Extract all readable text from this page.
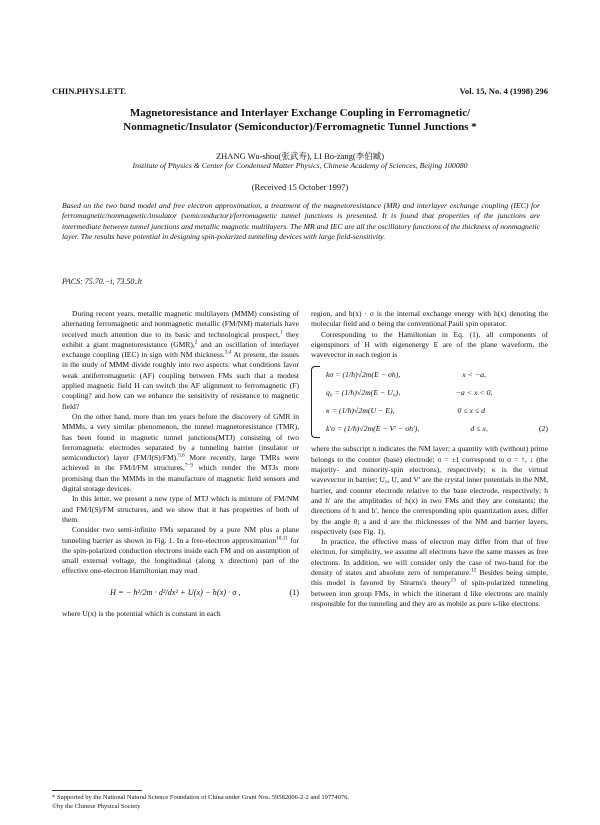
CHIN.PHYS.LETT.	Vol. 15, No. 4 (1998) 296
Magnetoresistance and Interlayer Exchange Coupling in Ferromagnetic/
Nonmagnetic/Insulator (Semiconductor)/Ferromagnetic Tunnel Junctions *
ZHANG Wu-shou(张武寿), LI Bo-zang(李伯臧)
Institute of Physics & Center for Condensed Matter Physics, Chinese Academy of Sciences, Beijing 100080
(Received 15 October 1997)

Based on the two band model and free electron approximation, a treatment of the magnetoresistance (MR) and interlayer exchange coupling (IEC) for ferromagnetic/nonmagnetic/insulator (semiconductor)/ferromagnetic tunnel junctions is presented. It is found that properties of the junctions are intermediate between tunnel junctions and metallic magnetic multilayers. The MR and IEC are all the oscillatory functions of the thickness of nonmagnetic layer. The results have potential in designing spin-polarized tunneling devices with large field-sensitivity.

PACS: 75.70.−i, 73.50.Jt

During recent years, metallic magnetic multilayers (MMM) consisting of alternating ferromagnetic and nonmagnetic metallic (FM/NM) materials have received much attention due to its basic and technological prospect,$^1$ they exhibit a giant magnetoresistance (GMR),$^2$ and an oscillation of interlayer exchange coupling (IEC) in sign with NM thickness.$^{3,4}$ At present, the issues in the study of MMM divide roughly into two aspects: what conditions favor weak antiferromagnetic (AF) coupling between FMs such that a modest applied magnetic field H can switch the AF alignment to ferromagnetic (F) coupling? and how can we enhance the sensitivity of resistance to magnetic field?

On the other hand, more than ten years before the discovery of GMR in MMMs, a very similar phenomenon, the tunnel magnetoresistance (TMR), has been found in magnetic tunnel junctions(MTJ) consisting of two ferromagnetic electrodes separated by a tunneling barrier (insulator or semiconductor) layer (FM/I(S)/FM).$^{5,6}$ More recently, large TMRs were achieved in the FM/I/FM structures,$^{7-9}$ which render the MTJs more promising than the MMMs in the manufacture of magnetic field sensors and digital storage devices.

In this letter, we present a new type of MTJ which is mixture of FM/NM and FM/I(S)/FM structures, and we show that it has properties of both of them.

Consider two semi-infinite FMs separated by a pure NM plus a plane tunneling barrier as shown in Fig. 1. In a free-electron approximation$^{10,11}$ for the spin-polarized conduction electrons inside each FM and on assumption of small external voltage, the longitudinal (along x direction) part of the effective one-electron Hamiltonian may read

H = − ħ²/2m · d²/dx² + U(x) − h(x) · σ ,	(1)

where U(x) is the potential which is constant in each

region, and h(x) · σ is the internal exchange energy with h(x) denoting the molecular field and σ being the conventional Pauli spin operator.

Corresponding to the Hamiltonian in Eq. (1), all components of eigenspinors of H with eigenenergy E are of the plane waveform, the wavevector in each region is

kσ = (1/ħ)√2m(E − σh),	x < −a,
q₀ = (1/ħ)√2m(E − U₀),	−a < x < 0,
κ = (1/ħ)√2m(U − E),	0 ≤ x ≤ d
k′σ = (1/ħ)√2m(E − V′ − σh′),	d ≤ x,	(2)

where the subscript n indicates the NM layer; a quantity with (without) prime belongs to the counter (base) electrode; σ = ±1 correspond to σ = ↑, ↓ (the majority- and minority-spin electrons), respectively; κ is the virtual wavevector in barrier; U₀, U, and V′ are the crystal inner potentials in the NM, barrier, and counter electrode relative to the base electrode, respectively; h and h′ are the amplitudes of h(x) in two FMs and they are constants; the directions of h and h′, hence the corresponding spin quantization axes, differ by the angle θ; a and d are the thicknesses of the NM and barrier layers, respectively (see Fig. 1).

In practice, the effective mass of electron may differ from that of free electron, for simplicity, we assume all electrons have the same masses as free electrons. In addition, we will consider only the case of two-band for the density of states and absolute zero of temperature.$^{12}$ Besides being simple, this model is favored by Stearns's theory$^{13}$ of spin-polarized tunneling between iron group FMs, in which the itinerant d like electrons are mainly responsible for the tunneling and they are as mobile as pure s-like electrons.

* Supported by the National Natural Science Foundation of China under Grant Nos. 59582006-2-2 and 19774076.
©by the Chinese Physical Society
